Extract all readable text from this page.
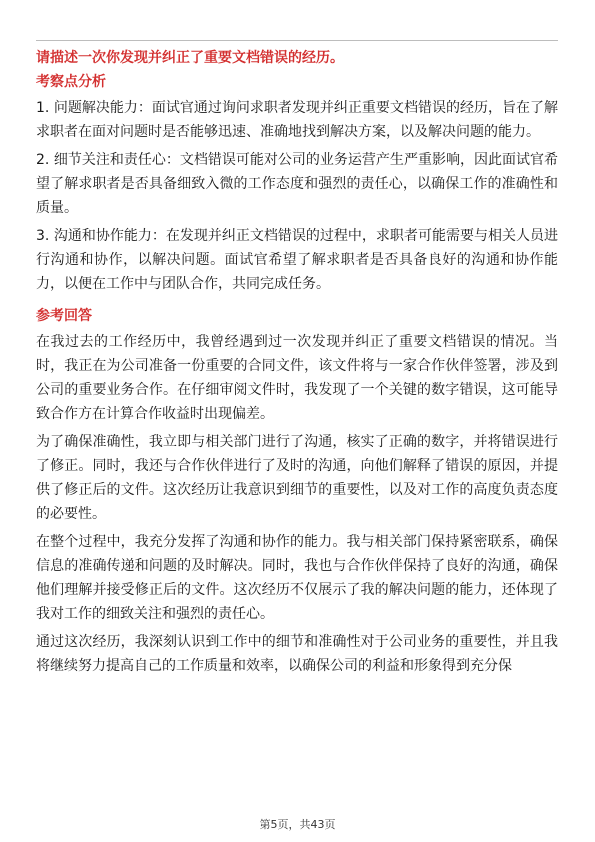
请描述一次你发现并纠正了重要文档错误的经历。
考察点分析
1. 问题解决能力：面试官通过询问求职者发现并纠正重要文档错误的经历，旨在了解求职者在面对问题时是否能够迅速、准确地找到解决方案，以及解决问题的能力。
2. 细节关注和责任心：文档错误可能对公司的业务运营产生严重影响，因此面试官希望了解求职者是否具备细致入微的工作态度和强烈的责任心，以确保工作的准确性和质量。
3. 沟通和协作能力：在发现并纠正文档错误的过程中，求职者可能需要与相关人员进行沟通和协作，以解决问题。面试官希望了解求职者是否具备良好的沟通和协作能力，以便在工作中与团队合作，共同完成任务。
参考回答
在我过去的工作经历中，我曾经遇到过一次发现并纠正了重要文档错误的情况。当时，我正在为公司准备一份重要的合同文件，该文件将与一家合作伙伴签署，涉及到公司的重要业务合作。在仔细审阅文件时，我发现了一个关键的数字错误，这可能导致合作方在计算合作收益时出现偏差。
为了确保准确性，我立即与相关部门进行了沟通，核实了正确的数字，并将错误进行了修正。同时，我还与合作伙伴进行了及时的沟通，向他们解释了错误的原因，并提供了修正后的文件。这次经历让我意识到细节的重要性，以及对工作的高度负责态度的必要性。
在整个过程中，我充分发挥了沟通和协作的能力。我与相关部门保持紧密联系，确保信息的准确传递和问题的及时解决。同时，我也与合作伙伴保持了良好的沟通，确保他们理解并接受修正后的文件。这次经历不仅展示了我的解决问题的能力，还体现了我对工作的细致关注和强烈的责任心。
通过这次经历，我深刻认识到工作中的细节和准确性对于公司业务的重要性，并且我将继续努力提高自己的工作质量和效率，以确保公司的利益和形象得到充分保
第5页，共43页
